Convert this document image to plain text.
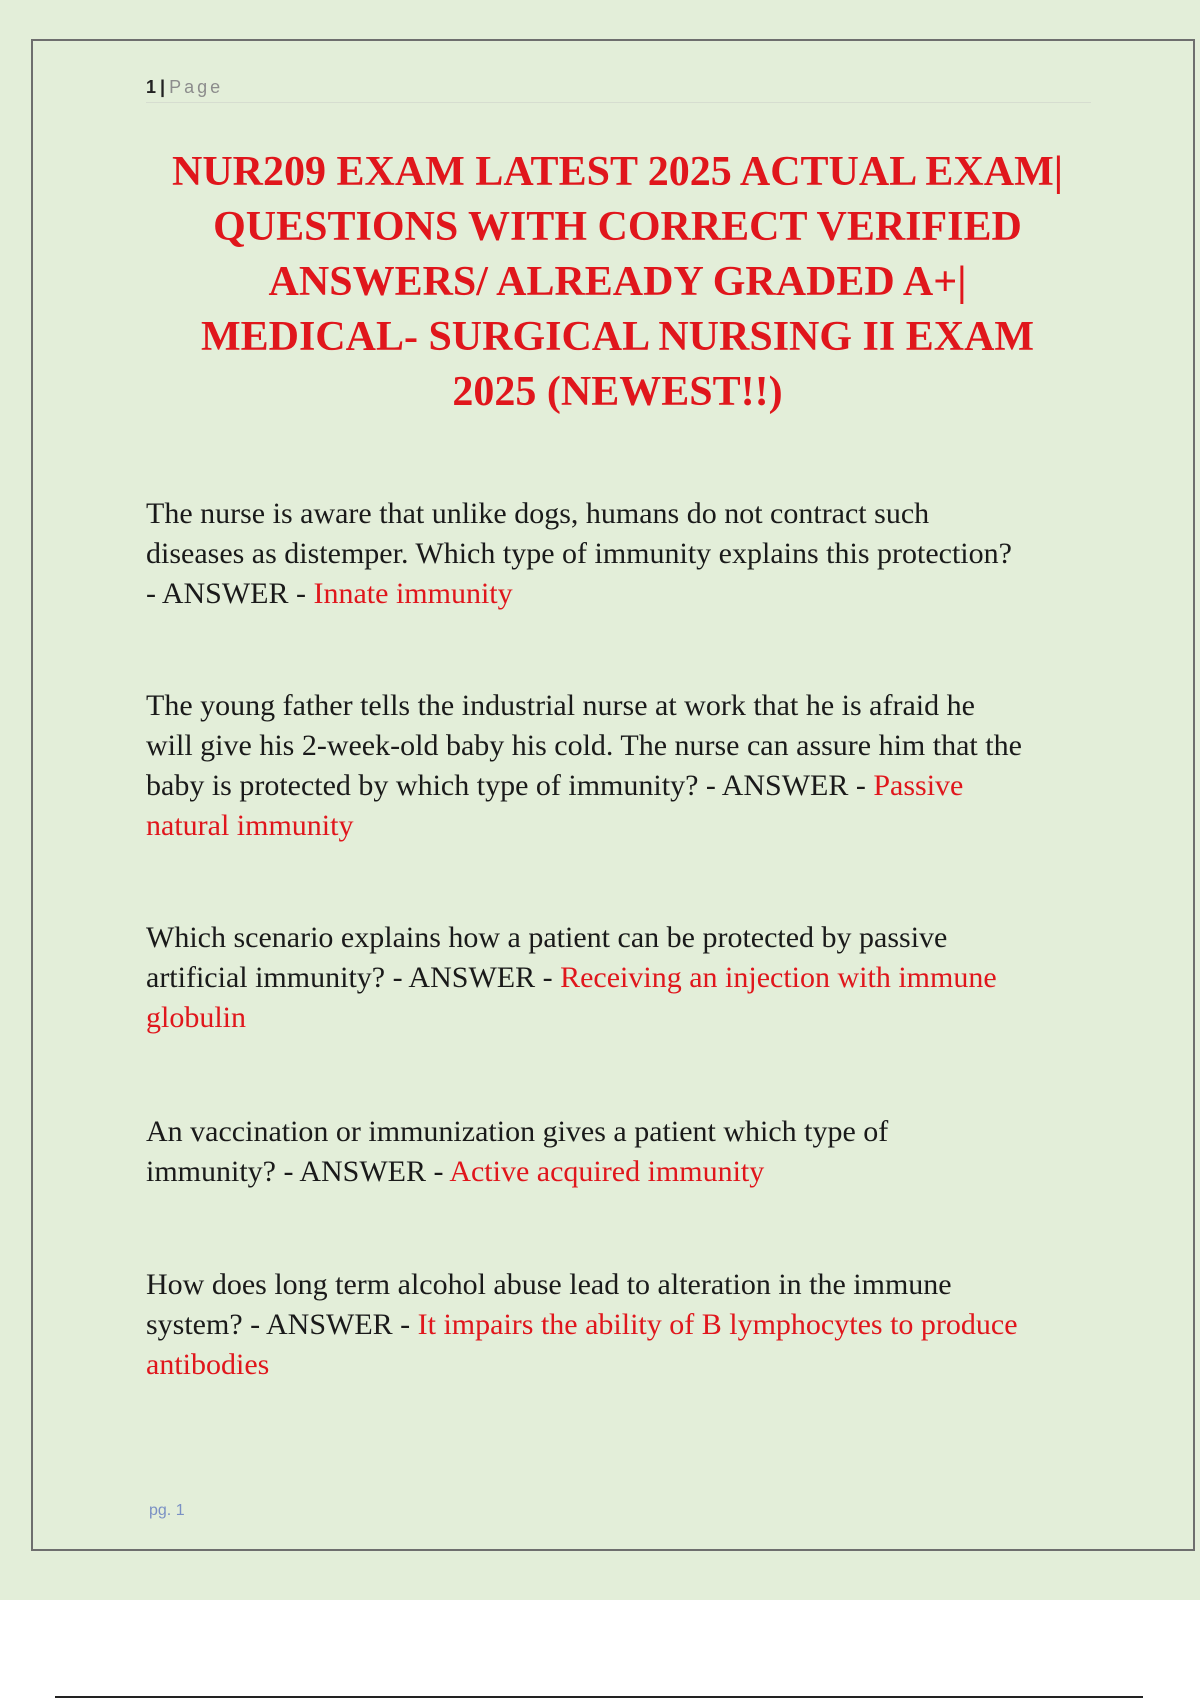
1 | Page
NUR209 EXAM LATEST 2025 ACTUAL EXAM|
QUESTIONS WITH CORRECT VERIFIED
ANSWERS/ ALREADY GRADED A+|
MEDICAL- SURGICAL NURSING II EXAM
2025 (NEWEST!!)

The nurse is aware that unlike dogs, humans do not contract such
diseases as distemper. Which type of immunity explains this protection?
- ANSWER - Innate immunity

The young father tells the industrial nurse at work that he is afraid he
will give his 2-week-old baby his cold. The nurse can assure him that the
baby is protected by which type of immunity? - ANSWER - Passive
natural immunity

Which scenario explains how a patient can be protected by passive
artificial immunity? - ANSWER - Receiving an injection with immune
globulin

An vaccination or immunization gives a patient which type of
immunity? - ANSWER - Active acquired immunity

How does long term alcohol abuse lead to alteration in the immune
system? - ANSWER - It impairs the ability of B lymphocytes to produce
antibodies

pg. 1
